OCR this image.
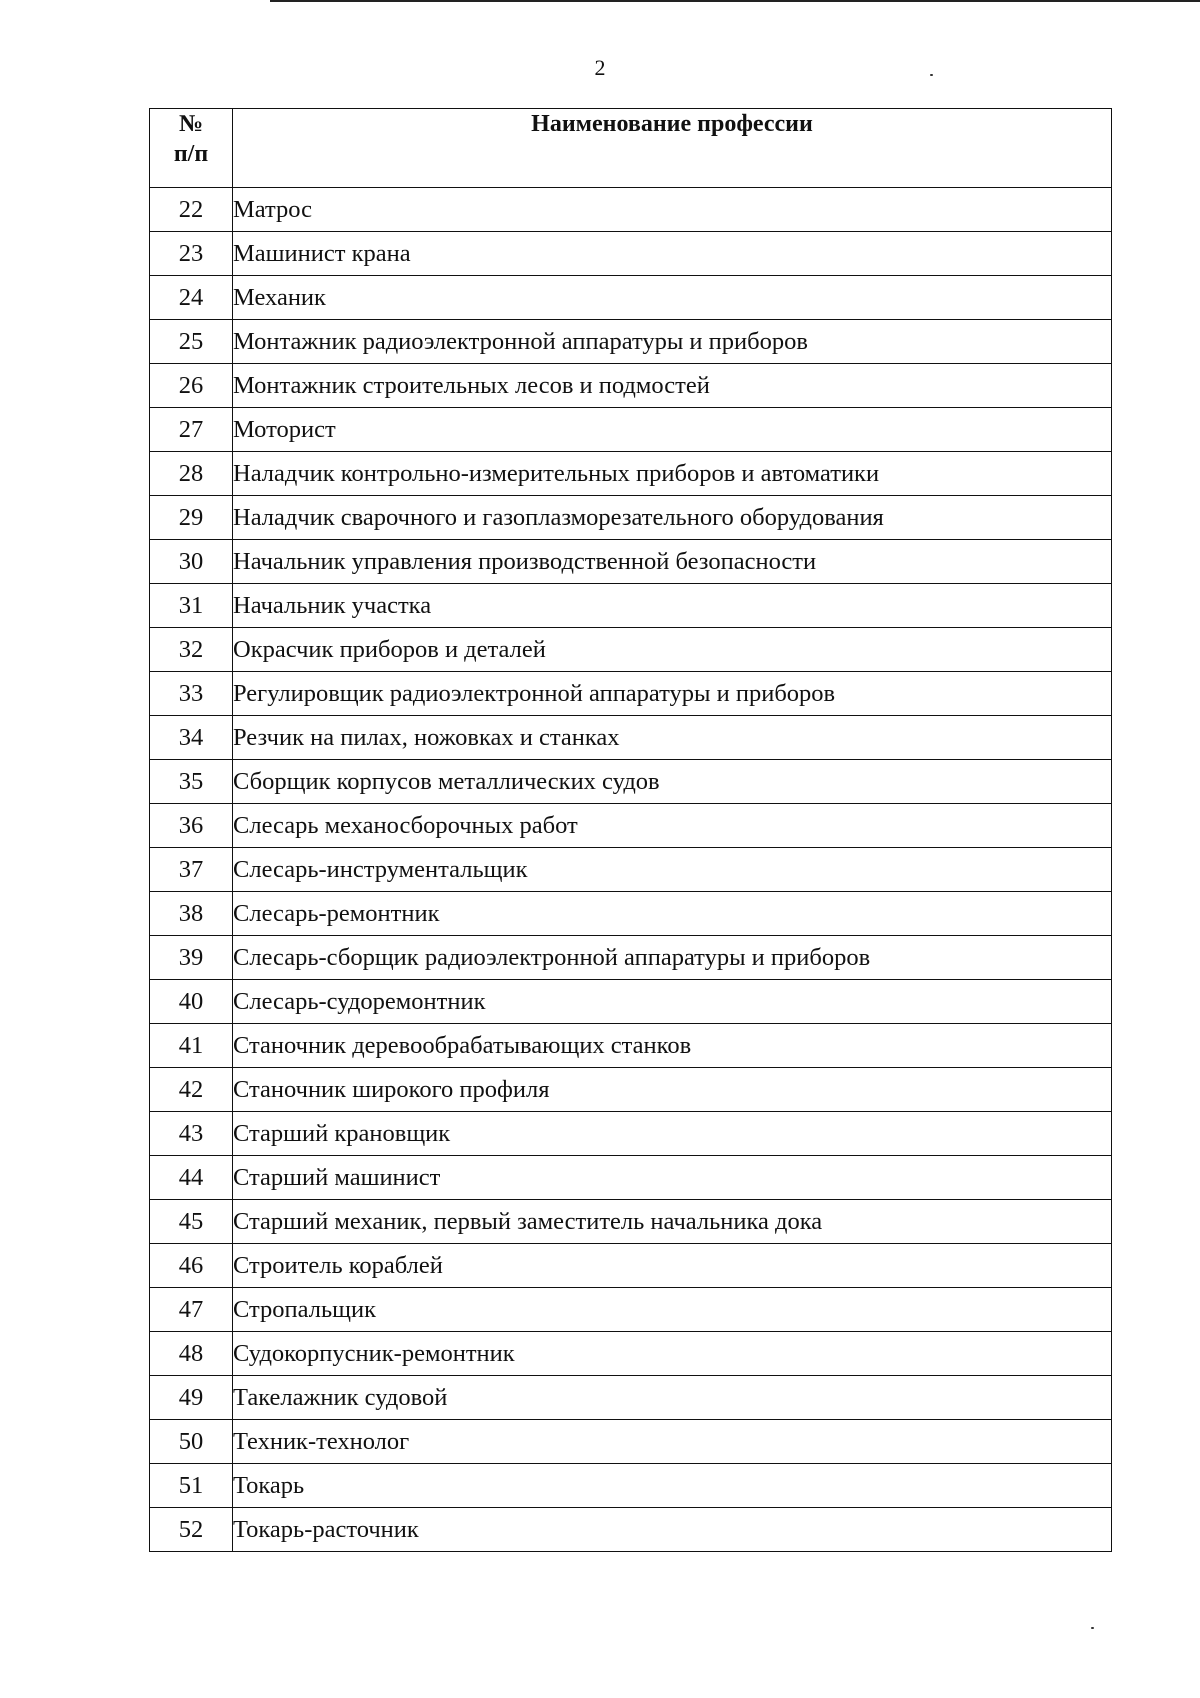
2
№
п/п	Наименование профессии
22	Матрос
23	Машинист крана
24	Механик
25	Монтажник радиоэлектронной аппаратуры и приборов
26	Монтажник строительных лесов и подмостей
27	Моторист
28	Наладчик контрольно-измерительных приборов и автоматики
29	Наладчик сварочного и газоплазморезательного оборудования
30	Начальник управления производственной безопасности
31	Начальник участка
32	Окрасчик приборов и деталей
33	Регулировщик радиоэлектронной аппаратуры и приборов
34	Резчик на пилах, ножовках и станках
35	Сборщик корпусов металлических судов
36	Слесарь механосборочных работ
37	Слесарь-инструментальщик
38	Слесарь-ремонтник
39	Слесарь-сборщик радиоэлектронной аппаратуры и приборов
40	Слесарь-судоремонтник
41	Станочник деревообрабатывающих станков
42	Станочник широкого профиля
43	Старший крановщик
44	Старший машинист
45	Старший механик, первый заместитель начальника дока
46	Строитель кораблей
47	Стропальщик
48	Судокорпусник-ремонтник
49	Такелажник судовой
50	Техник-технолог
51	Токарь
52	Токарь-расточник
